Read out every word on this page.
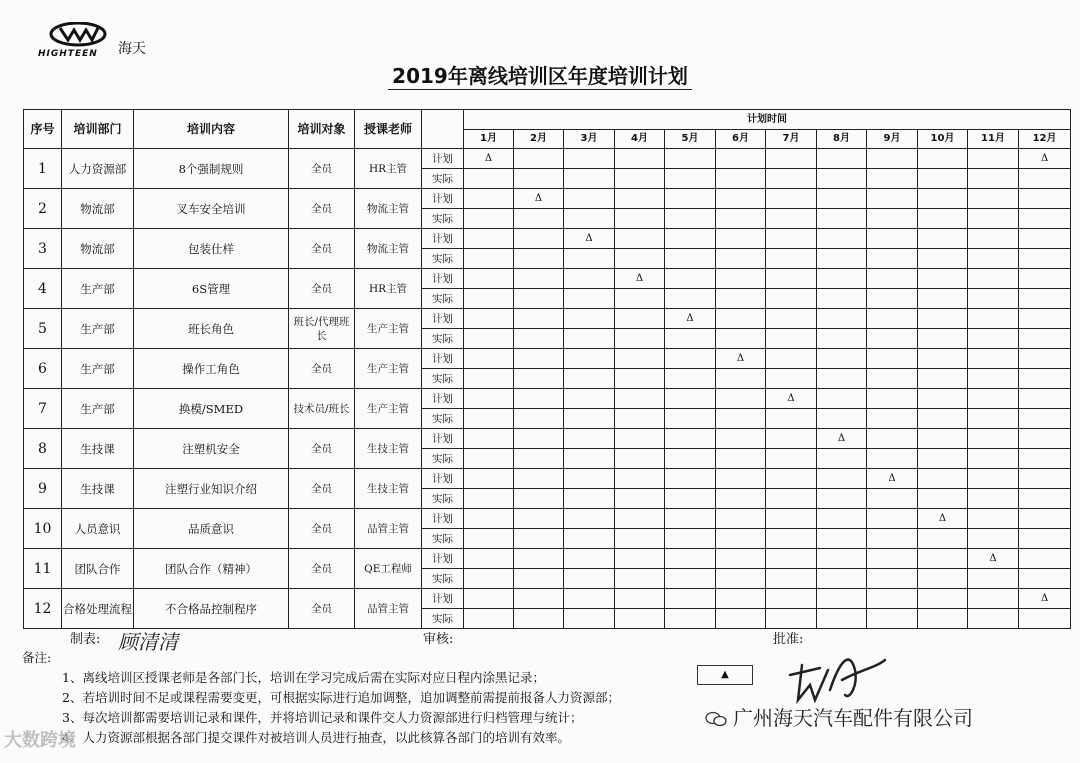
HIGHTEEN 海天
2019年离线培训区年度培训计划
序号	培训部门	培训内容	培训对象	授课老师		计划时间											
						1月	2月	3月	4月	5月	6月	7月	8月	9月	10月	11月	12月
1	人力资源部	8个强制规则	全员	HR主管	计划	Δ											Δ
					实际												
2	物流部	叉车安全培训	全员	物流主管	计划		Δ										
					实际												
3	物流部	包装仕样	全员	物流主管	计划			Δ									
					实际												
4	生产部	6S管理	全员	HR主管	计划				Δ								
					实际												
5	生产部	班长角色	班长/代理班长	生产主管	计划					Δ							
					实际												
6	生产部	操作工角色	全员	生产主管	计划						Δ						
					实际												
7	生产部	换模/SMED	技术员/班长	生产主管	计划							Δ					
					实际												
8	生技课	注塑机安全	全员	生技主管	计划								Δ				
					实际												
9	生技课	注塑行业知识介绍	全员	生技主管	计划									Δ			
					实际												
10	人员意识	品质意识	全员	品管主管	计划										Δ		
					实际												
11	团队合作	团队合作（精神）	全员	QE工程师	计划											Δ	
					实际												
12	合格处理流程	不合格品控制程序	全员	品管主管	计划												Δ
					实际												
制表: 顾清清	审核:	批准:
备注:
1、离线培训区授课老师是各部门长，培训在学习完成后需在实际对应日程内涂黑记录；
2、若培训时间不足或课程需要变更，可根据实际进行追加调整，追加调整前需提前报备人力资源部；
3、每次培训都需要培训记录和课件，并将培训记录和课件交人力资源部进行归档管理与统计；
4、人力资源部根据各部门提交课件对被培训人员进行抽查，以此核算各部门的培训有效率。
▲
广州海天汽车配件有限公司
大数跨境
